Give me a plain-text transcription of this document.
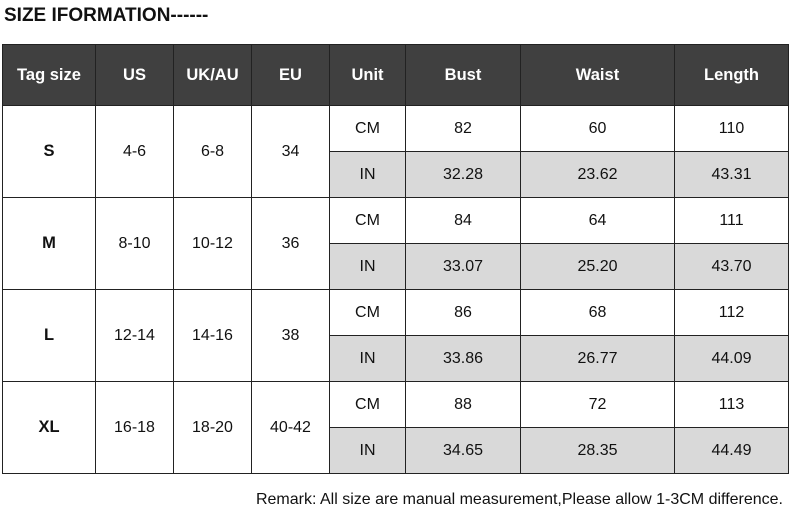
SIZE IFORMATION------
Tag size	US	UK/AU	EU	Unit	Bust	Waist	Length
S	4-6	6-8	34	CM	82	60	110
				IN	32.28	23.62	43.31
M	8-10	10-12	36	CM	84	64	111
				IN	33.07	25.20	43.70
L	12-14	14-16	38	CM	86	68	112
				IN	33.86	26.77	44.09
XL	16-18	18-20	40-42	CM	88	72	113
				IN	34.65	28.35	44.49
Remark: All size are manual measurement,Please allow 1-3CM difference.
